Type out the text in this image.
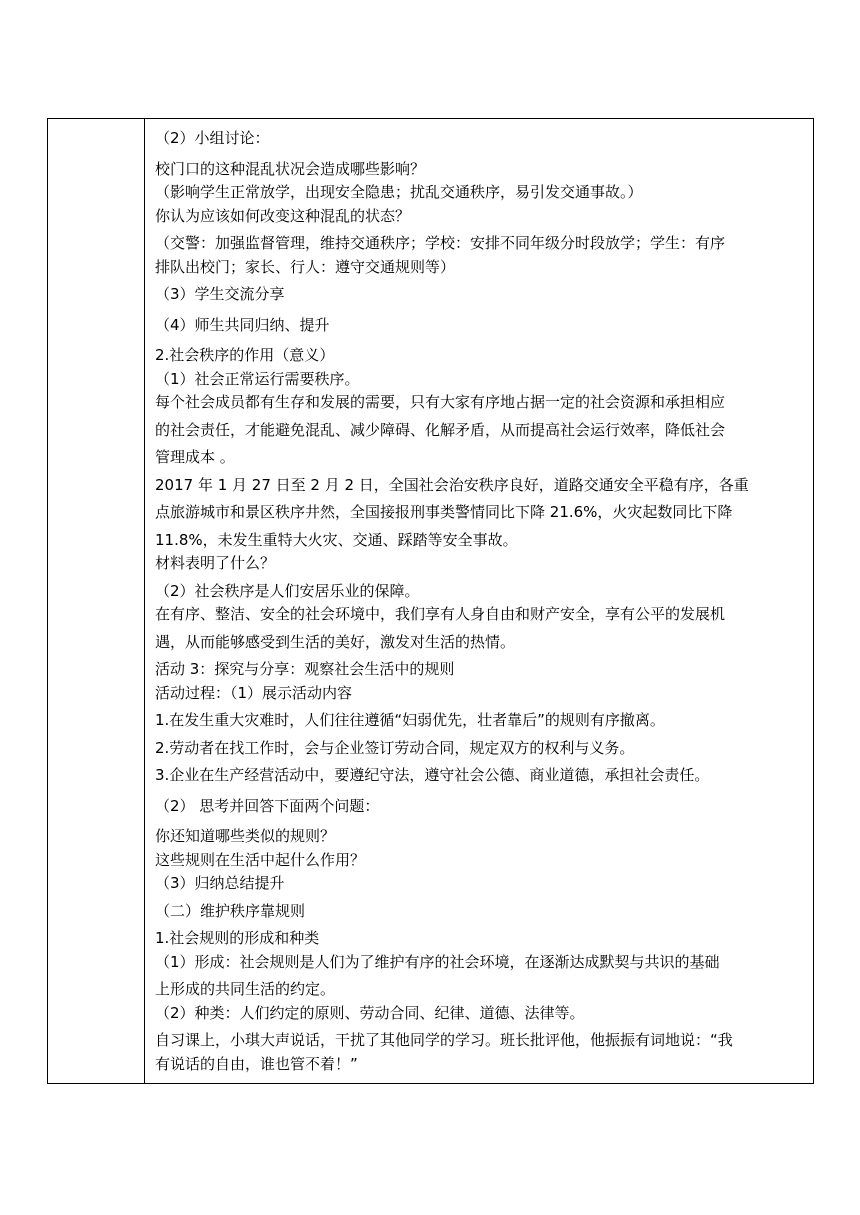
（2）小组讨论：
校门口的这种混乱状况会造成哪些影响？
（影响学生正常放学，出现安全隐患；扰乱交通秩序，易引发交通事故。）
你认为应该如何改变这种混乱的状态？
（交警：加强监督管理，维持交通秩序；学校：安排不同年级分时段放学；学生：有序
排队出校门；家长、行人：遵守交通规则等）
（3）学生交流分享
（4）师生共同归纳、提升
2.社会秩序的作用（意义）
（1）社会正常运行需要秩序。
每个社会成员都有生存和发展的需要，只有大家有序地占据一定的社会资源和承担相应
的社会责任，才能避免混乱、减少障碍、化解矛盾，从而提高社会运行效率，降低社会
管理成本 。
2017 年 1 月 27 日至 2 月 2 日，全国社会治安秩序良好，道路交通安全平稳有序，各重
点旅游城市和景区秩序井然，全国接报刑事类警情同比下降 21.6%，火灾起数同比下降
11.8%，未发生重特大火灾、交通、踩踏等安全事故。
材料表明了什么？
（2）社会秩序是人们安居乐业的保障。
在有序、整洁、安全的社会环境中，我们享有人身自由和财产安全，享有公平的发展机
遇，从而能够感受到生活的美好，激发对生活的热情。
活动 3：探究与分享：观察社会生活中的规则
活动过程：（1）展示活动内容
1.在发生重大灾难时，人们往往遵循“妇弱优先，壮者靠后”的规则有序撤离。
2.劳动者在找工作时，会与企业签订劳动合同，规定双方的权利与义务。
3.企业在生产经营活动中，要遵纪守法，遵守社会公德、商业道德，承担社会责任。
（2） 思考并回答下面两个问题：
你还知道哪些类似的规则？
这些规则在生活中起什么作用？
（3）归纳总结提升
（二）维护秩序靠规则
1.社会规则的形成和种类
（1）形成：社会规则是人们为了维护有序的社会环境，在逐渐达成默契与共识的基础
上形成的共同生活的约定。
（2）种类：人们约定的原则、劳动合同、纪律、道德、法律等。
自习课上，小琪大声说话，干扰了其他同学的学习。班长批评他，他振振有词地说：“我
有说话的自由，谁也管不着！”
